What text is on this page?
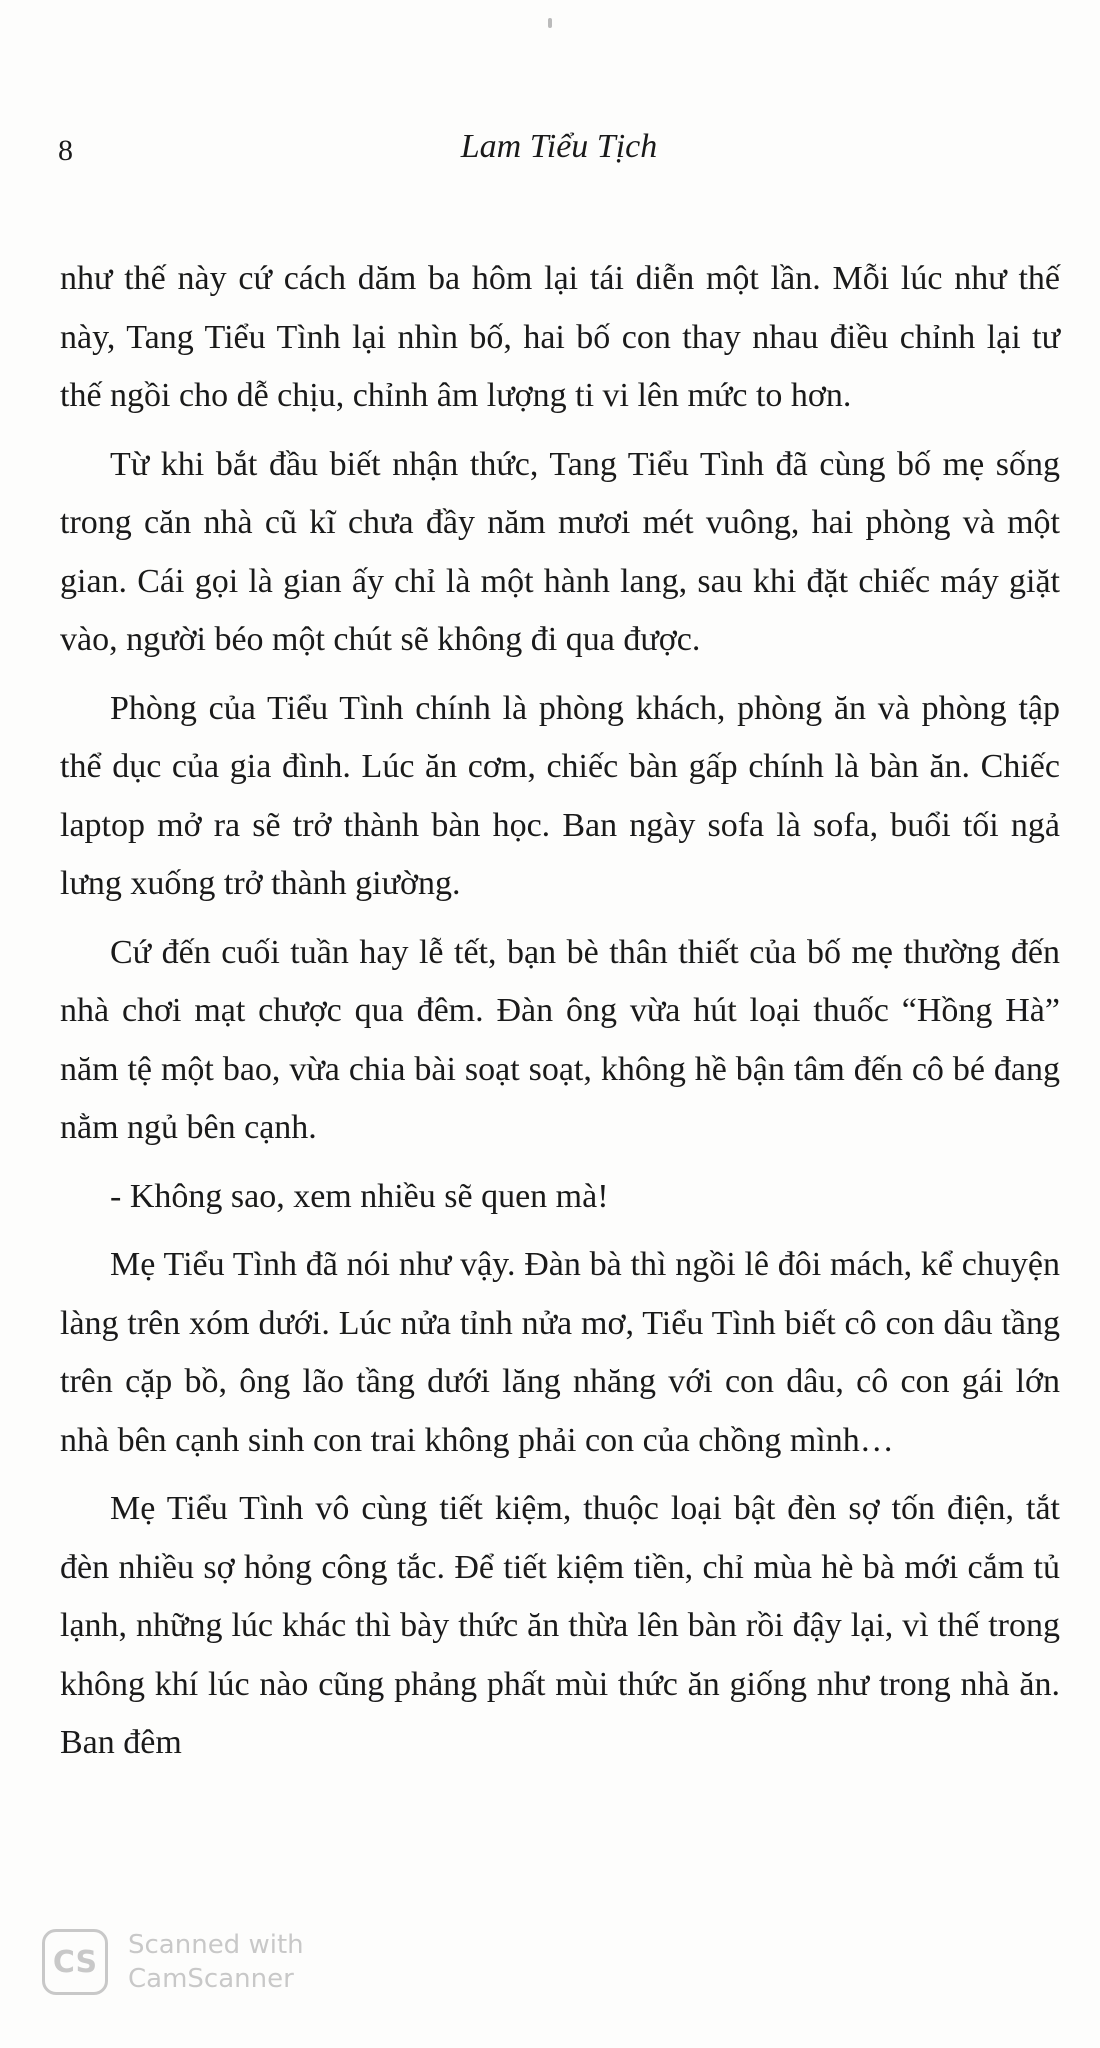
8	Lam Tiểu Tịch

như thế này cứ cách dăm ba hôm lại tái diễn một lần. Mỗi lúc như thế này, Tang Tiểu Tình lại nhìn bố, hai bố con thay nhau điều chỉnh lại tư thế ngồi cho dễ chịu, chỉnh âm lượng ti vi lên mức to hơn.

Từ khi bắt đầu biết nhận thức, Tang Tiểu Tình đã cùng bố mẹ sống trong căn nhà cũ kĩ chưa đầy năm mươi mét vuông, hai phòng và một gian. Cái gọi là gian ấy chỉ là một hành lang, sau khi đặt chiếc máy giặt vào, người béo một chút sẽ không đi qua được.

Phòng của Tiểu Tình chính là phòng khách, phòng ăn và phòng tập thể dục của gia đình. Lúc ăn cơm, chiếc bàn gấp chính là bàn ăn. Chiếc laptop mở ra sẽ trở thành bàn học. Ban ngày sofa là sofa, buổi tối ngả lưng xuống trở thành giường.

Cứ đến cuối tuần hay lễ tết, bạn bè thân thiết của bố mẹ thường đến nhà chơi mạt chược qua đêm. Đàn ông vừa hút loại thuốc “Hồng Hà” năm tệ một bao, vừa chia bài soạt soạt, không hề bận tâm đến cô bé đang nằm ngủ bên cạnh.

- Không sao, xem nhiều sẽ quen mà!

Mẹ Tiểu Tình đã nói như vậy. Đàn bà thì ngồi lê đôi mách, kể chuyện làng trên xóm dưới. Lúc nửa tỉnh nửa mơ, Tiểu Tình biết cô con dâu tầng trên cặp bồ, ông lão tầng dưới lăng nhăng với con dâu, cô con gái lớn nhà bên cạnh sinh con trai không phải con của chồng mình…

Mẹ Tiểu Tình vô cùng tiết kiệm, thuộc loại bật đèn sợ tốn điện, tắt đèn nhiều sợ hỏng công tắc. Để tiết kiệm tiền, chỉ mùa hè bà mới cắm tủ lạnh, những lúc khác thì bày thức ăn thừa lên bàn rồi đậy lại, vì thế trong không khí lúc nào cũng phảng phất mùi thức ăn giống như trong nhà ăn. Ban đêm

CS	Scanned with
CamScanner
